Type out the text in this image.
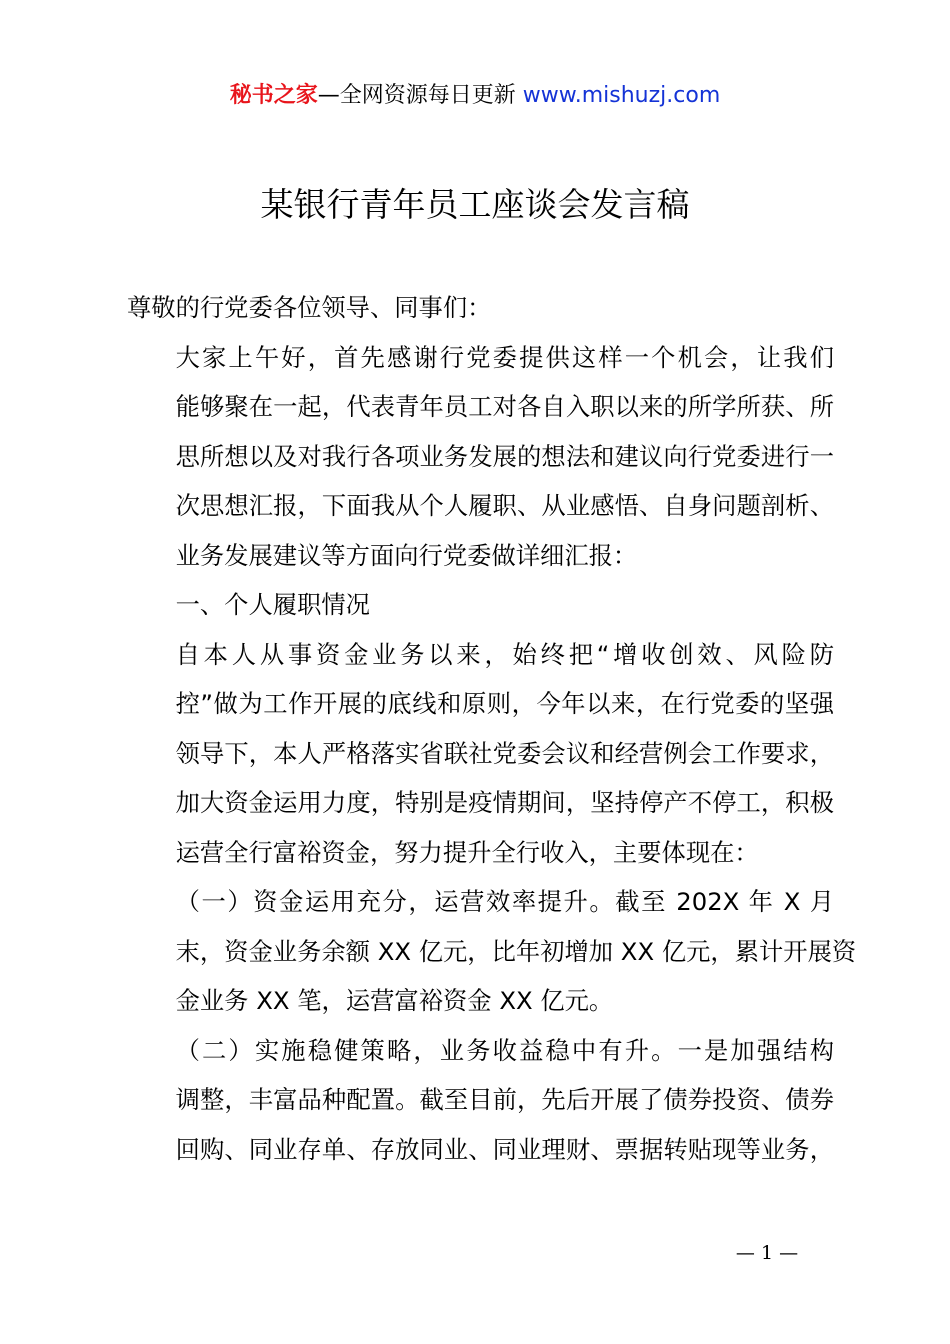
秘书之家—全网资源每日更新 www.mishuzj.com
某银行青年员工座谈会发言稿

尊敬的行党委各位领导、同事们：

大家上午好，首先感谢行党委提供这样一个机会，让我们
能够聚在一起，代表青年员工对各自入职以来的所学所获、所
思所想以及对我行各项业务发展的想法和建议向行党委进行一
次思想汇报，下面我从个人履职、从业感悟、自身问题剖析、
业务发展建议等方面向行党委做详细汇报：

一、个人履职情况

自本人从事资金业务以来，始终把“增收创效、风险防
控”做为工作开展的底线和原则，今年以来，在行党委的坚强
领导下，本人严格落实省联社党委会议和经营例会工作要求，
加大资金运用力度，特别是疫情期间，坚持停产不停工，积极
运营全行富裕资金，努力提升全行收入，主要体现在：

（一）资金运用充分，运营效率提升。截至 202X 年 X 月
末，资金业务余额 XX 亿元，比年初增加 XX 亿元，累计开展资
金业务 XX 笔，运营富裕资金 XX 亿元。

（二）实施稳健策略，业务收益稳中有升。一是加强结构
调整，丰富品种配置。截至目前，先后开展了债券投资、债券
回购、同业存单、存放同业、同业理财、票据转贴现等业务，

— 1 —
